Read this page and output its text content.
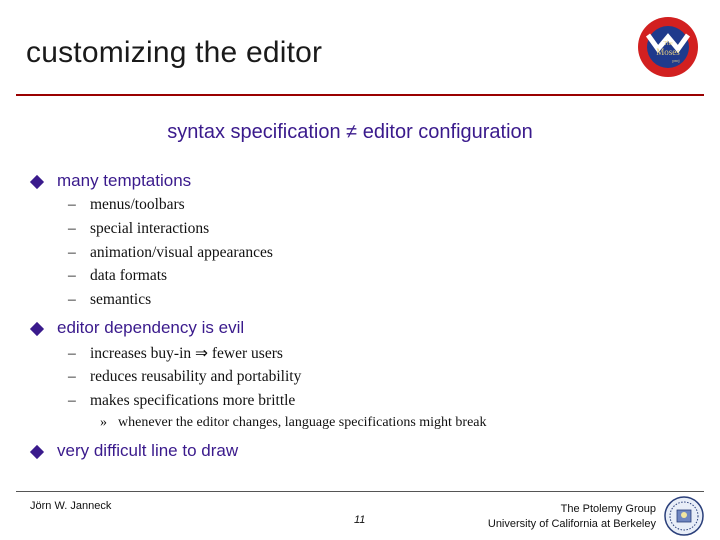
customizing the editor	The
Moses
proj
syntax specification ≠ editor configuration
many temptations
– menus/toolbars
– special interactions
– animation/visual appearances
– data formats
– semantics
editor dependency is evil
– increases buy-in ⇒ fewer users
– reduces reusability and portability
– makes specifications more brittle
» whenever the editor changes, language specifications might break
very difficult line to draw
Jörn W. Janneck
11
The Ptolemy Group
University of California at Berkeley
